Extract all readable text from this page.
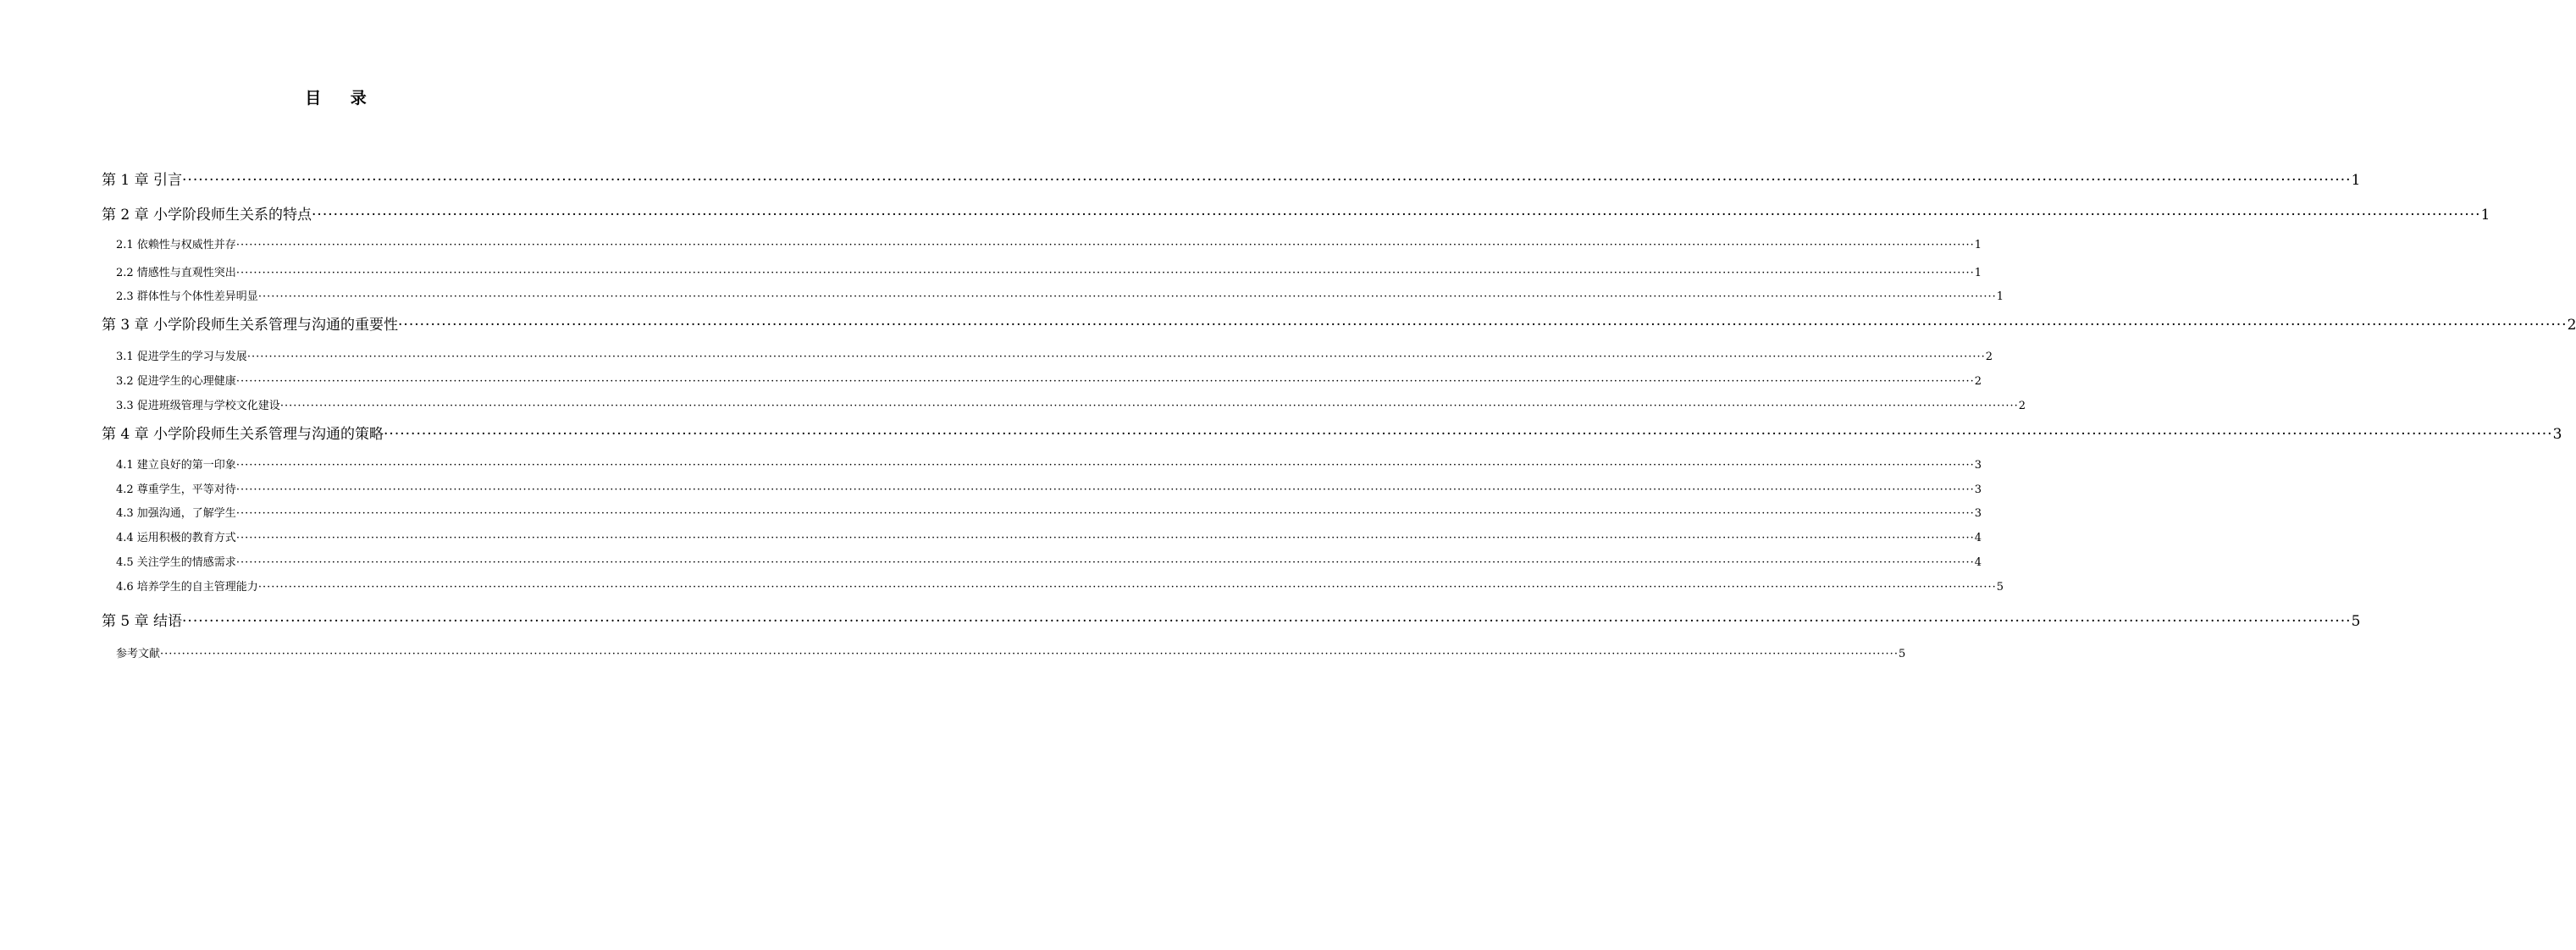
目 录
第 1 章 引言 ················································································································································································································································································································································································································ 1
第 2 章 小学阶段师生关系的特点 ················································································································································································································································································································································································································ 1
2.1 依赖性与权威性并存 ················································································································································································································································································································································································································ 1
2.2 情感性与直观性突出 ················································································································································································································································································································································································································ 1
2.3 群体性与个体性差异明显 ················································································································································································································································································································································································································ 1
第 3 章 小学阶段师生关系管理与沟通的重要性 ················································································································································································································································································································································································································ 2
3.1 促进学生的学习与发展 ················································································································································································································································································································································································································ 2
3.2 促进学生的心理健康 ················································································································································································································································································································································································································ 2
3.3 促进班级管理与学校文化建设 ················································································································································································································································································································································································································ 2
第 4 章 小学阶段师生关系管理与沟通的策略 ················································································································································································································································································································································································································ 3
4.1 建立良好的第一印象 ················································································································································································································································································································································································································ 3
4.2 尊重学生，平等对待 ················································································································································································································································································································································································································ 3
4.3 加强沟通，了解学生 ················································································································································································································································································································································································································ 3
4.4 运用积极的教育方式 ················································································································································································································································································································································································································ 4
4.5 关注学生的情感需求 ················································································································································································································································································································································································································ 4
4.6 培养学生的自主管理能力 ················································································································································································································································································································································································································ 5
第 5 章 结语 ················································································································································································································································································································································································································ 5
参考文献 ················································································································································································································································································································································································································ 5
